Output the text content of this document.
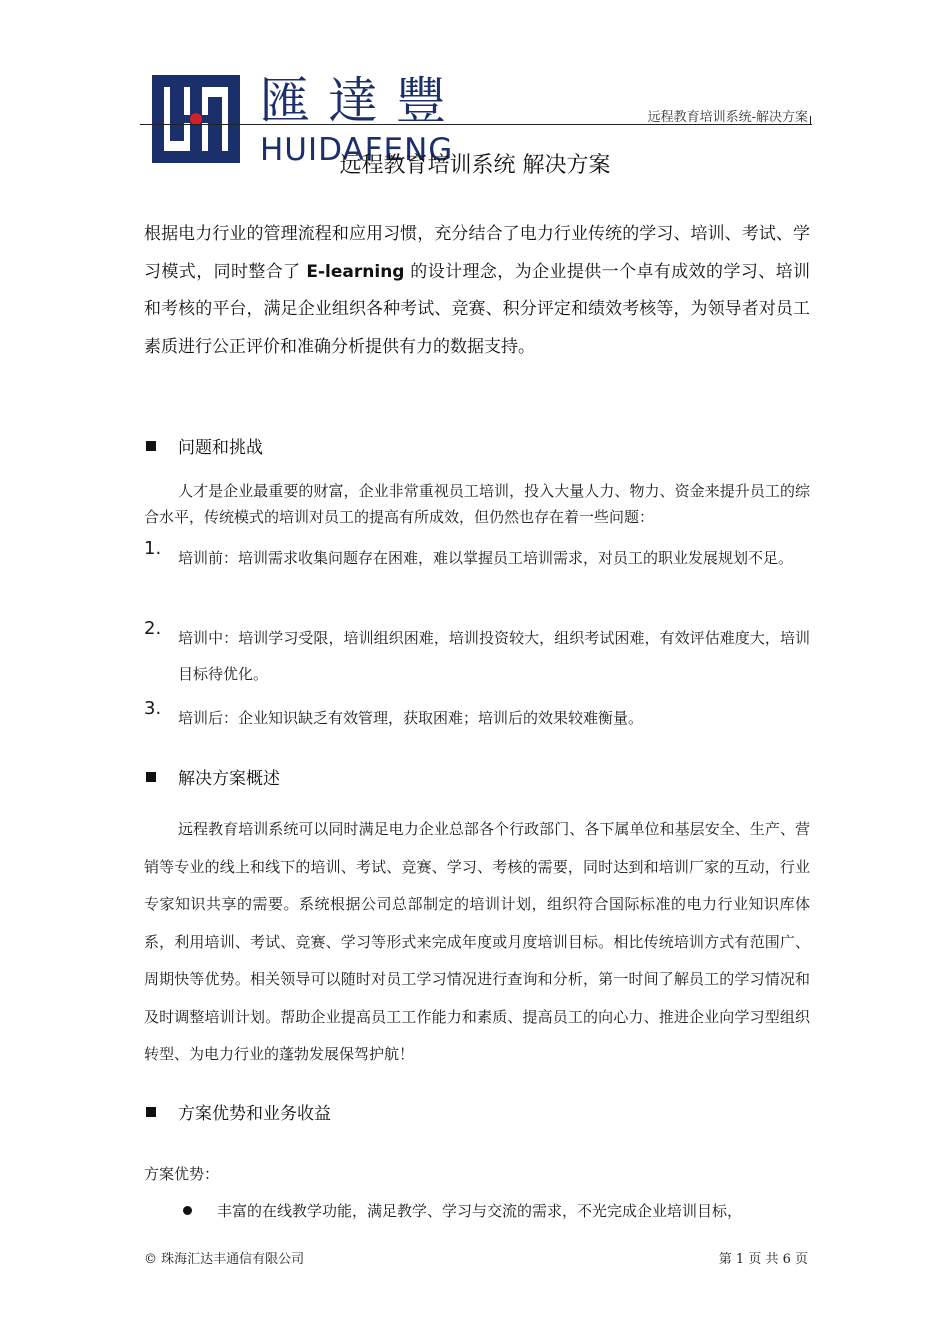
匯達豐
HUIDAFENG
远程教育培训系统-解决方案
远程教育培训系统 解决方案

根据电力行业的管理流程和应用习惯，充分结合了电力行业传统的学习、培训、考试、学习模式，同时整合了 E-learning 的设计理念，为企业提供一个卓有成效的学习、培训和考核的平台，满足企业组织各种考试、竞赛、积分评定和绩效考核等，为领导者对员工素质进行公正评价和准确分析提供有力的数据支持。

问题和挑战

人才是企业最重要的财富，企业非常重视员工培训，投入大量人力、物力、资金来提升员工的综合水平，传统模式的培训对员工的提高有所成效，但仍然也存在着一些问题：

1. 培训前：培训需求收集问题存在困难，难以掌握员工培训需求，对员工的职业发展规划不足。

2. 培训中：培训学习受限，培训组织困难，培训投资较大，组织考试困难，有效评估难度大，培训目标待优化。

3. 培训后：企业知识缺乏有效管理，获取困难；培训后的效果较难衡量。

解决方案概述

远程教育培训系统可以同时满足电力企业总部各个行政部门、各下属单位和基层安全、生产、营销等专业的线上和线下的培训、考试、竞赛、学习、考核的需要，同时达到和培训厂家的互动，行业专家知识共享的需要。系统根据公司总部制定的培训计划，组织符合国际标准的电力行业知识库体系，利用培训、考试、竞赛、学习等形式来完成年度或月度培训目标。相比传统培训方式有范围广、周期快等优势。相关领导可以随时对员工学习情况进行查询和分析，第一时间了解员工的学习情况和及时调整培训计划。帮助企业提高员工工作能力和素质、提高员工的向心力、推进企业向学习型组织转型、为电力行业的蓬勃发展保驾护航！

方案优势和业务收益

方案优势：

丰富的在线教学功能，满足教学、学习与交流的需求，不光完成企业培训目标，
© 珠海汇达丰通信有限公司	第 1 页 共 6 页
